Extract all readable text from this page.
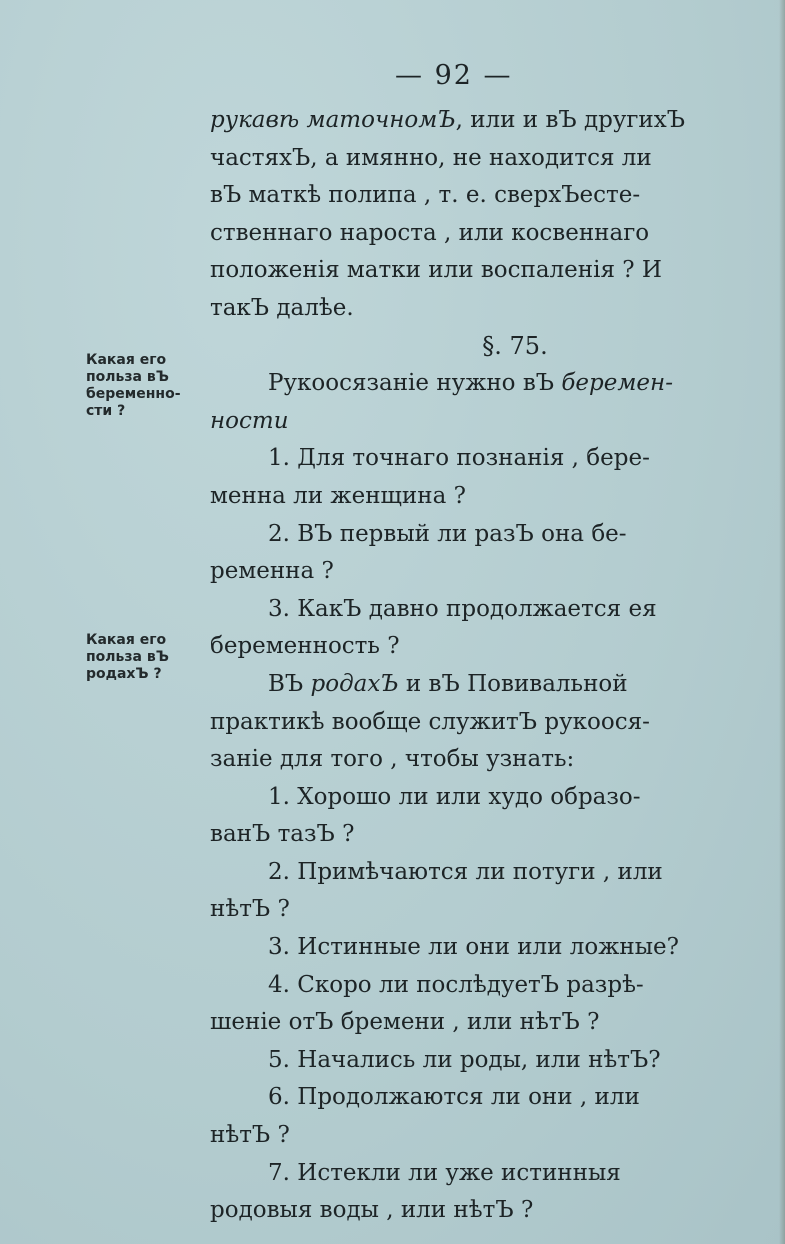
— 92 —
Какая его польза вЪ беременно-сти ?
Какая его польза вЪ родахЪ ?

рукавѣ маточномЪ, или и вЪ другихЪ

частяхЪ, а имянно, не находится ли

вЪ маткѣ полипа , т. е. сверхЪесте-

ственнаго нароста , или косвеннаго

положенія матки или воспаленія ? И

такЪ далѣе.

§. 75.

Рукоосязаніе нужно вЪ беремен-

ности

1. Для точнаго познанія , бере-

менна ли женщина ?

2. ВЪ первый ли разЪ она бе-

ременна ?

3. КакЪ давно продолжается ея

беременность ?

ВЪ родахЪ и вЪ Повивальной

практикѣ вообще служитЪ рукоося-

заніе для того , чтобы узнать:

1. Хорошо ли или худо образо-

ванЪ тазЪ ?

2. Примѣчаются ли потуги , или

нѣтЪ ?

3. Истинные ли они или ложные?

4. Скоро ли послѣдуетЪ разрѣ-

шеніе отЪ бремени , или нѣтЪ ?

5. Начались ли роды, или нѣтЪ?

6. Продолжаются ли они , или

нѣтЪ ?

7. Истекли ли уже истинныя

родовыя воды , или нѣтЪ ?
